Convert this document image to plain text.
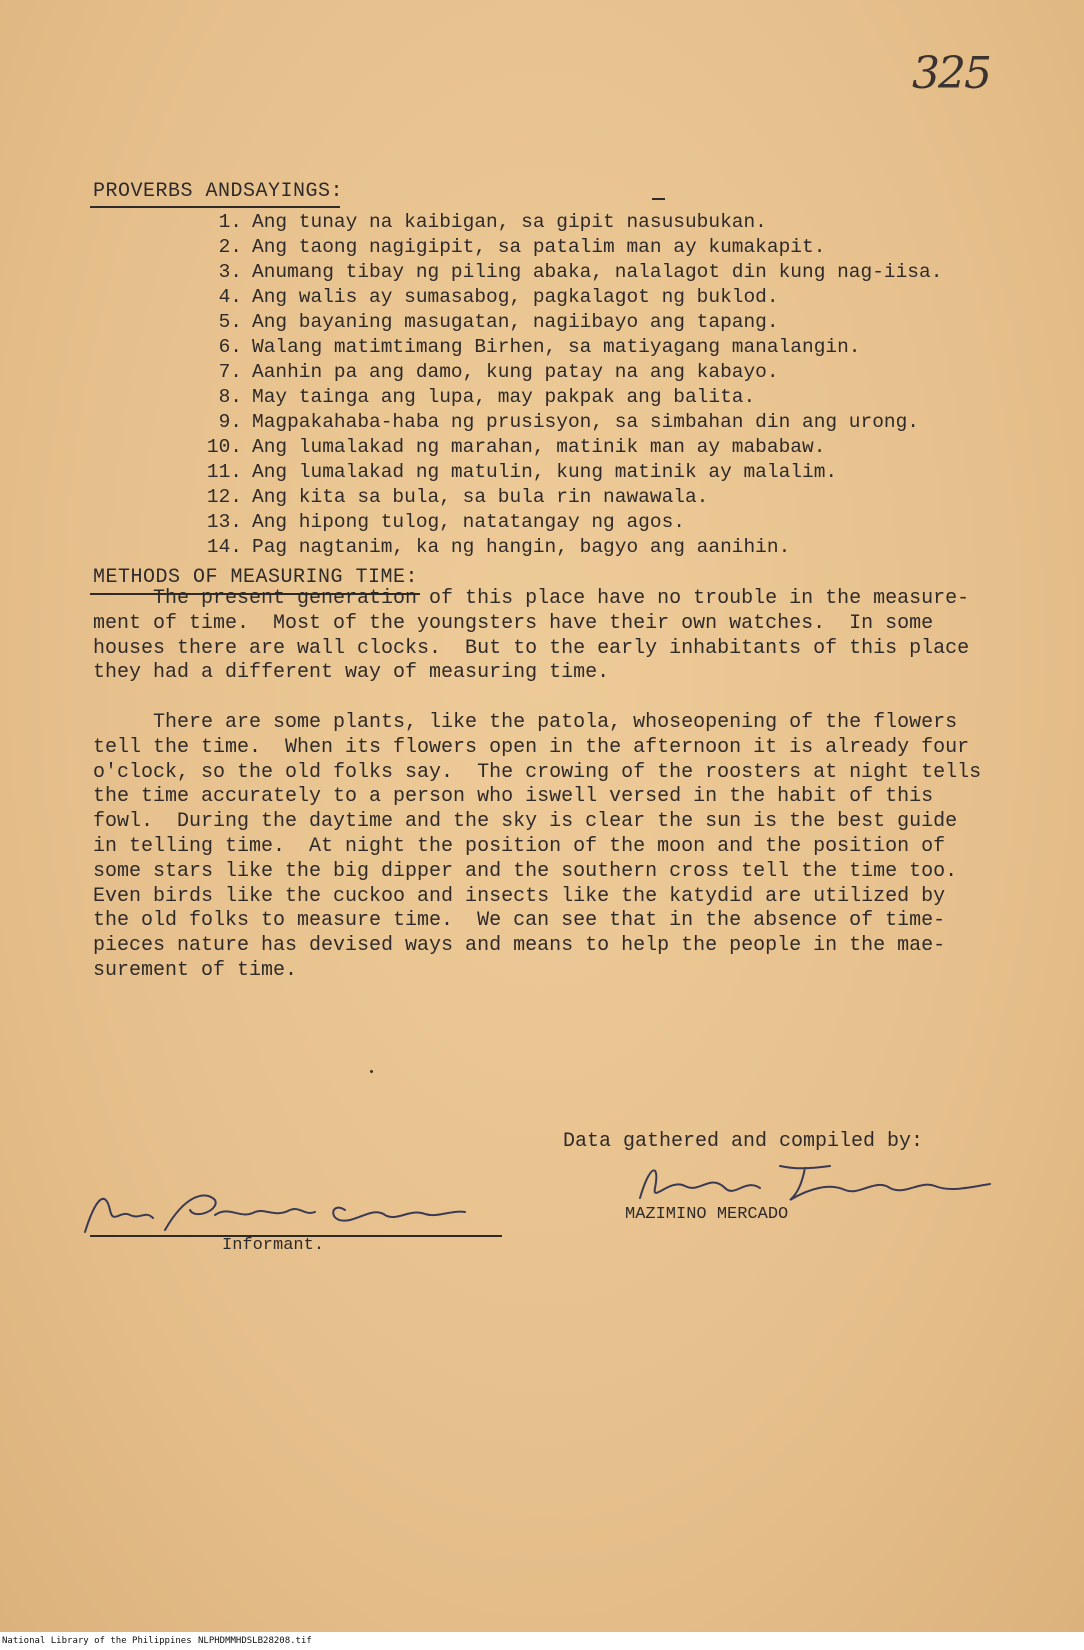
325
PROVERBS ANDSAYINGS:
1. Ang tunay na kaibigan, sa gipit nasusubukan.
2. Ang taong nagigipit, sa patalim man ay kumakapit.
3. Anumang tibay ng piling abaka, nalalagot din kung nag-iisa.
4. Ang walis ay sumasabog, pagkalagot ng buklod.
5. Ang bayaning masugatan, nagiibayo ang tapang.
6. Walang matimtimang Birhen, sa matiyagang manalangin.
7. Aanhin pa ang damo, kung patay na ang kabayo.
8. May tainga ang lupa, may pakpak ang balita.
9. Magpakahaba-haba ng prusisyon, sa simbahan din ang urong.
10. Ang lumalakad ng marahan, matinik man ay mababaw.
11. Ang lumalakad ng matulin, kung matinik ay malalim.
12. Ang kita sa bula, sa bula rin nawawala.
13. Ang hipong tulog, natatangay ng agos.
14. Pag nagtanim, ka ng hangin, bagyo ang aanihin.
METHODS OF MEASURING TIME:

The present generation of this place have no trouble in the measure-
ment of time.  Most of the youngsters have their own watches.  In some
houses there are wall clocks.  But to the early inhabitants of this place
they had a different way of measuring time.

There are some plants, like the patola, whoseopening of the flowers
tell the time.  When its flowers open in the afternoon it is already four
o'clock, so the old folks say.  The crowing of the roosters at night tells
the time accurately to a person who iswell versed in the habit of this
fowl.  During the daytime and the sky is clear the sun is the best guide
in telling time.  At night the position of the moon and the position of
some stars like the big dipper and the southern cross tell the time too.
Even birds like the cuckoo and insects like the katydid are utilized by
the old folks to measure time.  We can see that in the absence of time-
pieces nature has devised ways and means to help the people in the mae-
surement of time.

Data gathered and compiled by:
MAZIMINO MERCADO
Informant.
National Library of the Philippines NLPHDMMHDSLB28208.tif
